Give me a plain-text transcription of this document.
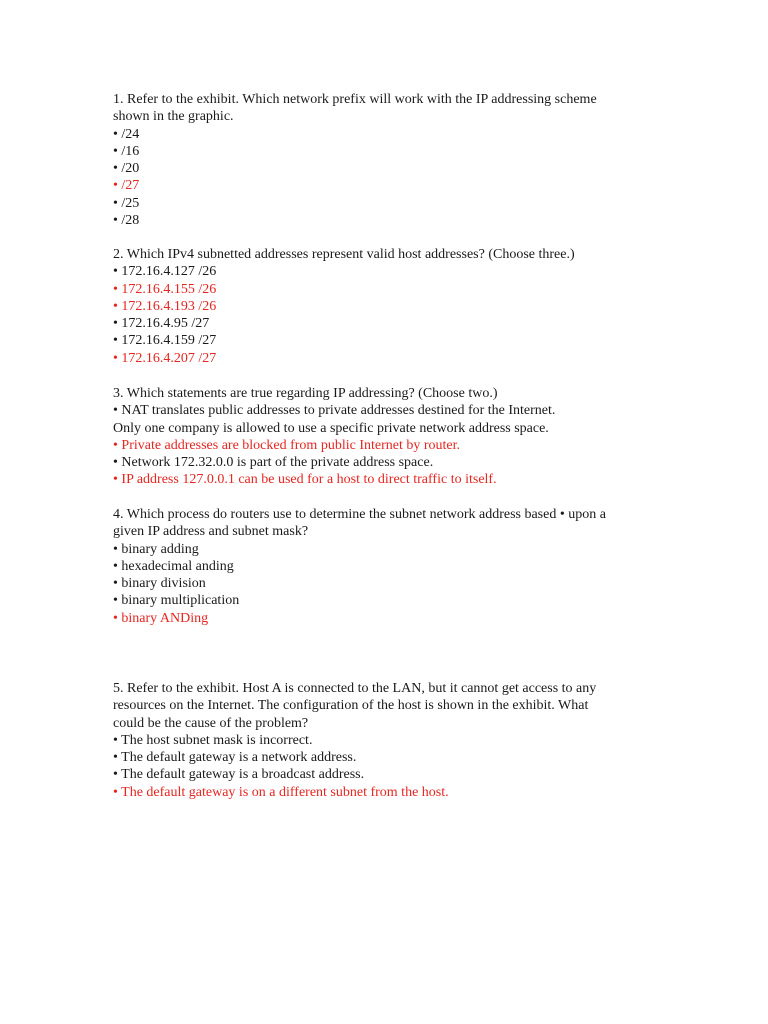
1. Refer to the exhibit. Which network prefix will work with the IP addressing scheme
shown in the graphic.
• /24
• /16
• /20
• /27
• /25
• /28
2. Which IPv4 subnetted addresses represent valid host addresses? (Choose three.)
• 172.16.4.127 /26
• 172.16.4.155 /26
• 172.16.4.193 /26
• 172.16.4.95 /27
• 172.16.4.159 /27
• 172.16.4.207 /27
3. Which statements are true regarding IP addressing? (Choose two.)
• NAT translates public addresses to private addresses destined for the Internet.
Only one company is allowed to use a specific private network address space.
• Private addresses are blocked from public Internet by router.
• Network 172.32.0.0 is part of the private address space.
• IP address 127.0.0.1 can be used for a host to direct traffic to itself.
4. Which process do routers use to determine the subnet network address based • upon a
given IP address and subnet mask?
• binary adding
• hexadecimal anding
• binary division
• binary multiplication
• binary ANDing
5. Refer to the exhibit. Host A is connected to the LAN, but it cannot get access to any
resources on the Internet. The configuration of the host is shown in the exhibit. What
could be the cause of the problem?
• The host subnet mask is incorrect.
• The default gateway is a network address.
• The default gateway is a broadcast address.
• The default gateway is on a different subnet from the host.
